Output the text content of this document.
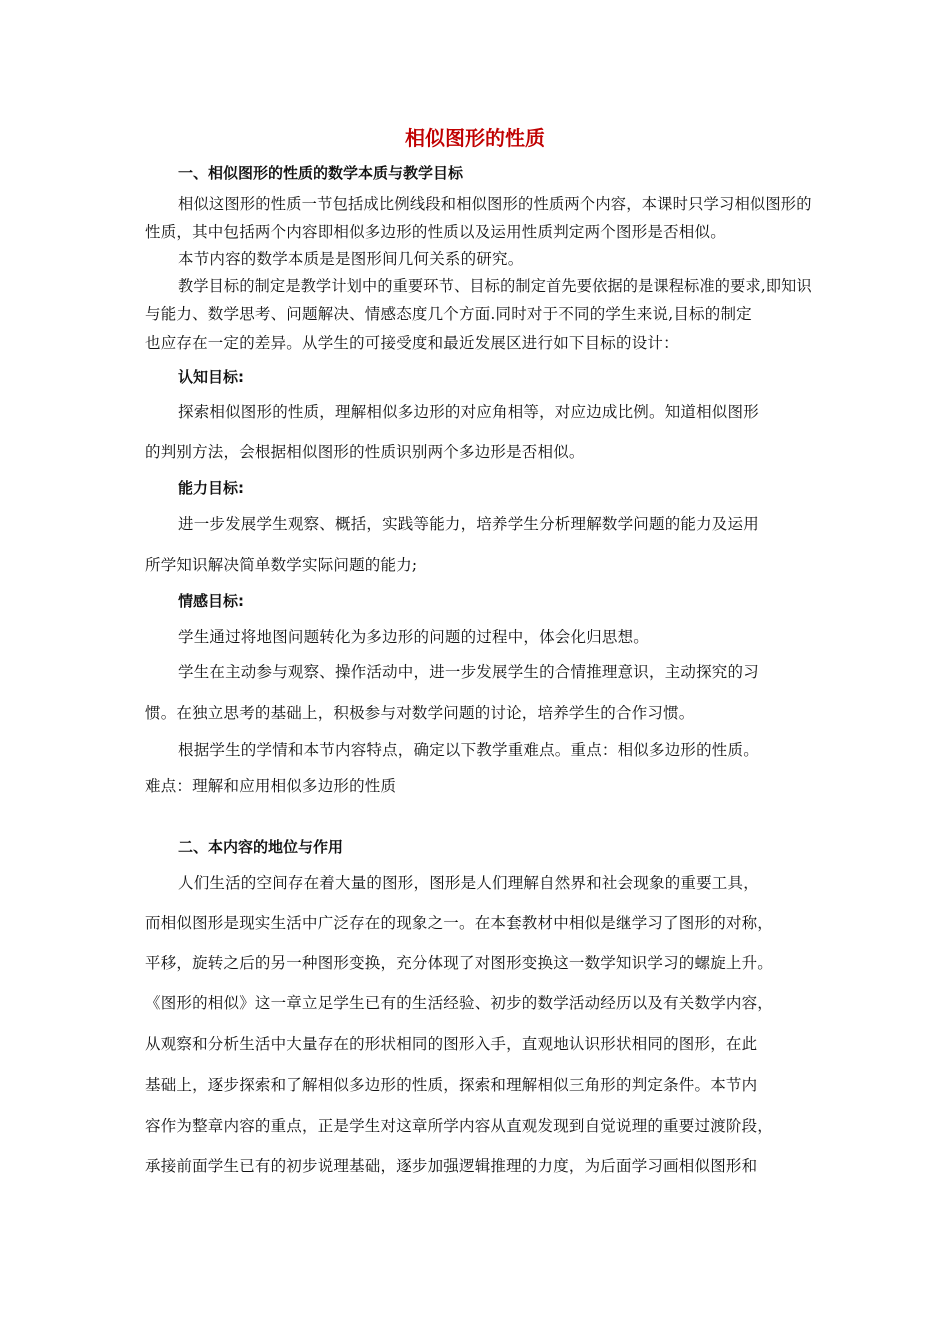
相似图形的性质
一、相似图形的性质的数学本质与教学目标
相似这图形的性质一节包括成比例线段和相似图形的性质两个内容，本课时只学习相似图形的
性质，其中包括两个内容即相似多边形的性质以及运用性质判定两个图形是否相似。
本节内容的数学本质是是图形间几何关系的研究。
教学目标的制定是教学计划中的重要环节、目标的制定首先要依据的是课程标准的要求,即知识
与能力、数学思考、问题解决、情感态度几个方面.同时对于不同的学生来说,目标的制定
也应存在一定的差异。从学生的可接受度和最近发展区进行如下目标的设计：
认知目标:
探索相似图形的性质，理解相似多边形的对应角相等，对应边成比例。知道相似图形
的判别方法，会根据相似图形的性质识别两个多边形是否相似。
能力目标:
进一步发展学生观察、概括，实践等能力，培养学生分析理解数学问题的能力及运用
所学知识解决简单数学实际问题的能力;
情感目标:
学生通过将地图问题转化为多边形的问题的过程中，体会化归思想。
学生在主动参与观察、操作活动中，进一步发展学生的合情推理意识，主动探究的习
惯。在独立思考的基础上，积极参与对数学问题的讨论，培养学生的合作习惯。
根据学生的学情和本节内容特点，确定以下教学重难点。重点：相似多边形的性质。
难点：理解和应用相似多边形的性质
二、本内容的地位与作用
人们生活的空间存在着大量的图形，图形是人们理解自然界和社会现象的重要工具，
而相似图形是现实生活中广泛存在的现象之一。在本套教材中相似是继学习了图形的对称，
平移，旋转之后的另一种图形变换，充分体现了对图形变换这一数学知识学习的螺旋上升。
《图形的相似》这一章立足学生已有的生活经验、初步的数学活动经历以及有关数学内容，
从观察和分析生活中大量存在的形状相同的图形入手，直观地认识形状相同的图形，在此
基础上，逐步探索和了解相似多边形的性质，探索和理解相似三角形的判定条件。本节内
容作为整章内容的重点，正是学生对这章所学内容从直观发现到自觉说理的重要过渡阶段，
承接前面学生已有的初步说理基础，逐步加强逻辑推理的力度，为后面学习画相似图形和
